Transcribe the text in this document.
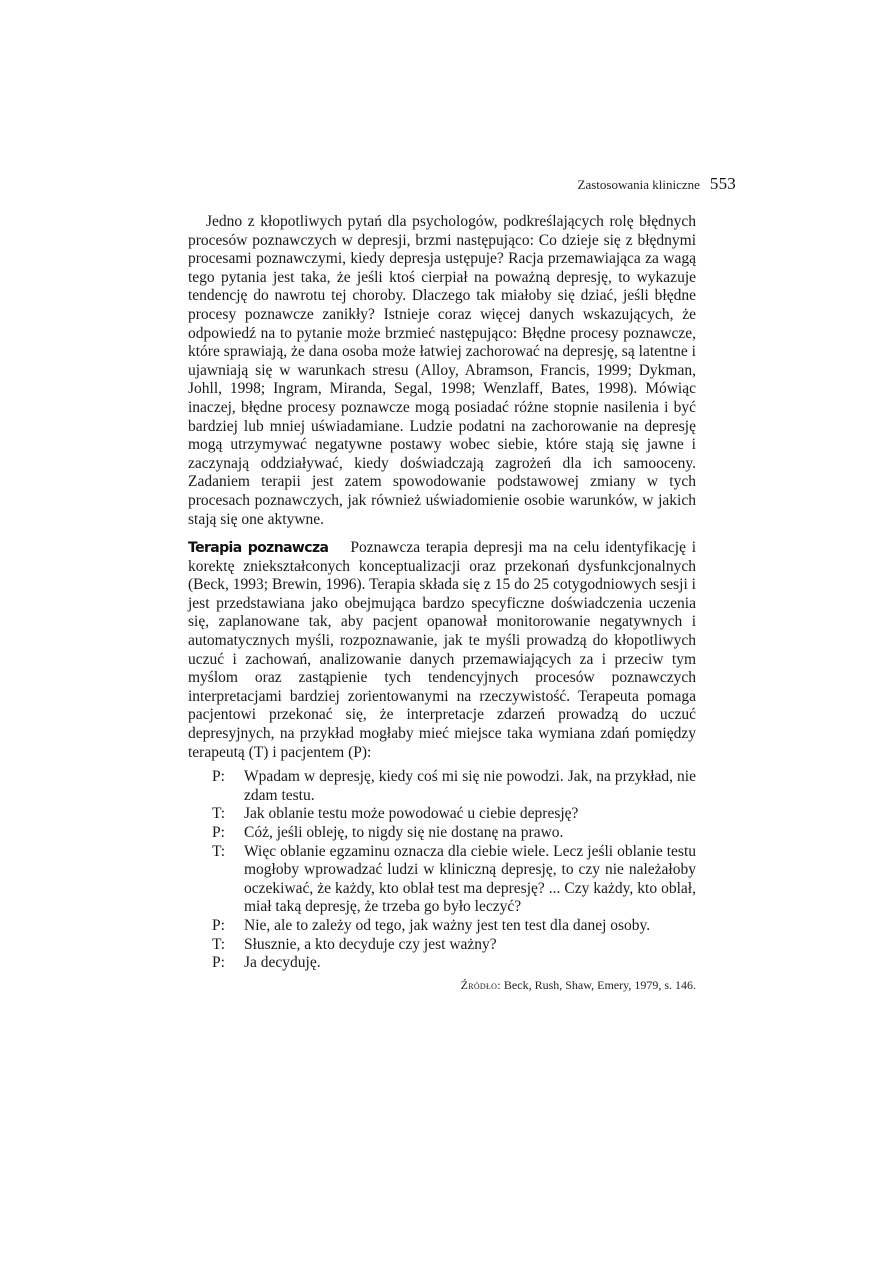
Zastosowania kliniczne 553

Jedno z kłopotliwych pytań dla psychologów, podkreślających rolę błędnych procesów poznawczych w depresji, brzmi następująco: Co dzieje się z błędnymi procesami poznawczymi, kiedy depresja ustępuje? Racja przemawiająca za wagą tego pytania jest taka, że jeśli ktoś cierpiał na poważną depresję, to wykazuje tendencję do nawrotu tej choroby. Dlaczego tak miałoby się dziać, jeśli błędne procesy poznawcze zanikły? Istnieje coraz więcej danych wskazujących, że odpowiedź na to pytanie może brzmieć następująco: Błędne procesy poznawcze, które sprawiają, że dana osoba może łatwiej zachorować na depresję, są latentne i ujawniają się w warunkach stresu (Alloy, Abramson, Francis, 1999; Dykman, Johll, 1998; Ingram, Miranda, Segal, 1998; Wenzlaff, Bates, 1998). Mówiąc inaczej, błędne procesy poznawcze mogą posiadać różne stopnie nasilenia i być bardziej lub mniej uświadamiane. Ludzie podatni na zachorowanie na depresję mogą utrzymywać negatywne postawy wobec siebie, które stają się jawne i zaczynają oddziaływać, kiedy doświadczają zagrożeń dla ich samooceny. Zadaniem terapii jest zatem spowodowanie podstawowej zmiany w tych procesach poznawczych, jak również uświadomienie osobie warunków, w jakich stają się one aktywne.

Terapia poznawcza Poznawcza terapia depresji ma na celu identyfikację i korektę zniekształconych konceptualizacji oraz przekonań dysfunkcjonalnych (Beck, 1993; Brewin, 1996). Terapia składa się z 15 do 25 cotygodniowych sesji i jest przedstawiana jako obejmująca bardzo specyficzne doświadczenia uczenia się, zaplanowane tak, aby pacjent opanował monitorowanie negatywnych i automatycznych myśli, rozpoznawanie, jak te myśli prowadzą do kłopotliwych uczuć i zachowań, analizowanie danych przemawiających za i przeciw tym myślom oraz zastąpienie tych tendencyjnych procesów poznawczych interpretacjami bardziej zorientowanymi na rzeczywistość. Terapeuta pomaga pacjentowi przekonać się, że interpretacje zdarzeń prowadzą do uczuć depresyjnych, na przykład mogłaby mieć miejsce taka wymiana zdań pomiędzy terapeutą (T) i pacjentem (P):

P:	Wpadam w depresję, kiedy coś mi się nie powodzi. Jak, na przykład, nie zdam testu.
T:	Jak oblanie testu może powodować u ciebie depresję?
P:	Cóż, jeśli obleję, to nigdy się nie dostanę na prawo.
T:	Więc oblanie egzaminu oznacza dla ciebie wiele. Lecz jeśli oblanie testu mogłoby wprowadzać ludzi w kliniczną depresję, to czy nie należałoby oczekiwać, że każdy, kto oblał test ma depresję? ... Czy każdy, kto oblał, miał taką depresję, że trzeba go było leczyć?
P:	Nie, ale to zależy od tego, jak ważny jest ten test dla danej osoby.
T:	Słusznie, a kto decyduje czy jest ważny?
P:	Ja decyduję.
Źródło: Beck, Rush, Shaw, Emery, 1979, s. 146.
